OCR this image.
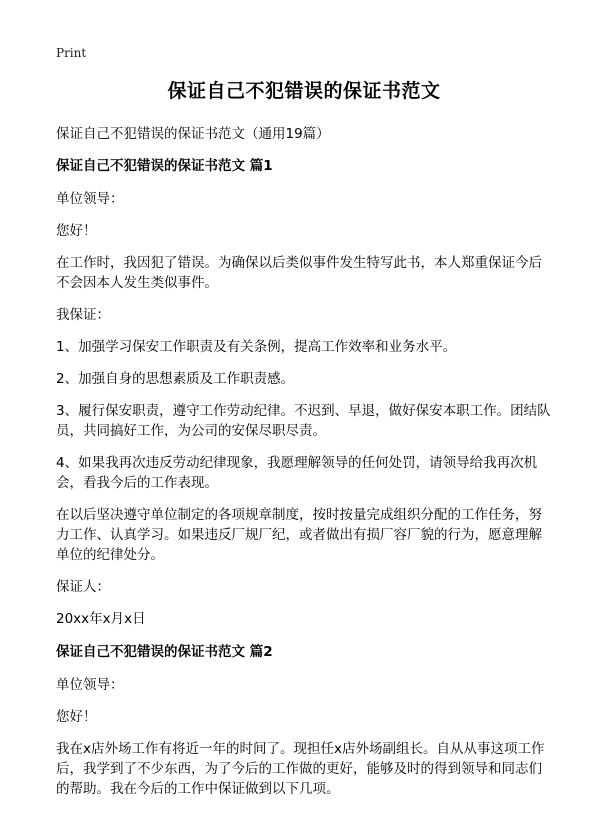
Print
保证自己不犯错误的保证书范文
保证自己不犯错误的保证书范文（通用19篇）
保证自己不犯错误的保证书范文 篇1

单位领导：

您好！

在工作时，我因犯了错误。为确保以后类似事件发生特写此书，本人郑重保证今后不会因本人发生类似事件。

我保证：

1、加强学习保安工作职责及有关条例，提高工作效率和业务水平。

2、加强自身的思想素质及工作职责感。

3、履行保安职责，遵守工作劳动纪律。不迟到、早退，做好保安本职工作。团结队员，共同搞好工作，为公司的安保尽职尽责。

4、如果我再次违反劳动纪律现象，我愿理解领导的任何处罚，请领导给我再次机会，看我今后的工作表现。

在以后坚决遵守单位制定的各项规章制度，按时按量完成组织分配的工作任务，努力工作、认真学习。如果违反厂规厂纪，或者做出有损厂容厂貌的行为，愿意理解单位的纪律处分。

保证人：

20xx年x月x日

保证自己不犯错误的保证书范文 篇2

单位领导：

您好！

我在x店外场工作有将近一年的时间了。现担任x店外场副组长。自从从事这项工作后，我学到了不少东西，为了今后的工作做的更好，能够及时的得到领导和同志们的帮助。我在今后的工作中保证做到以下几项。
